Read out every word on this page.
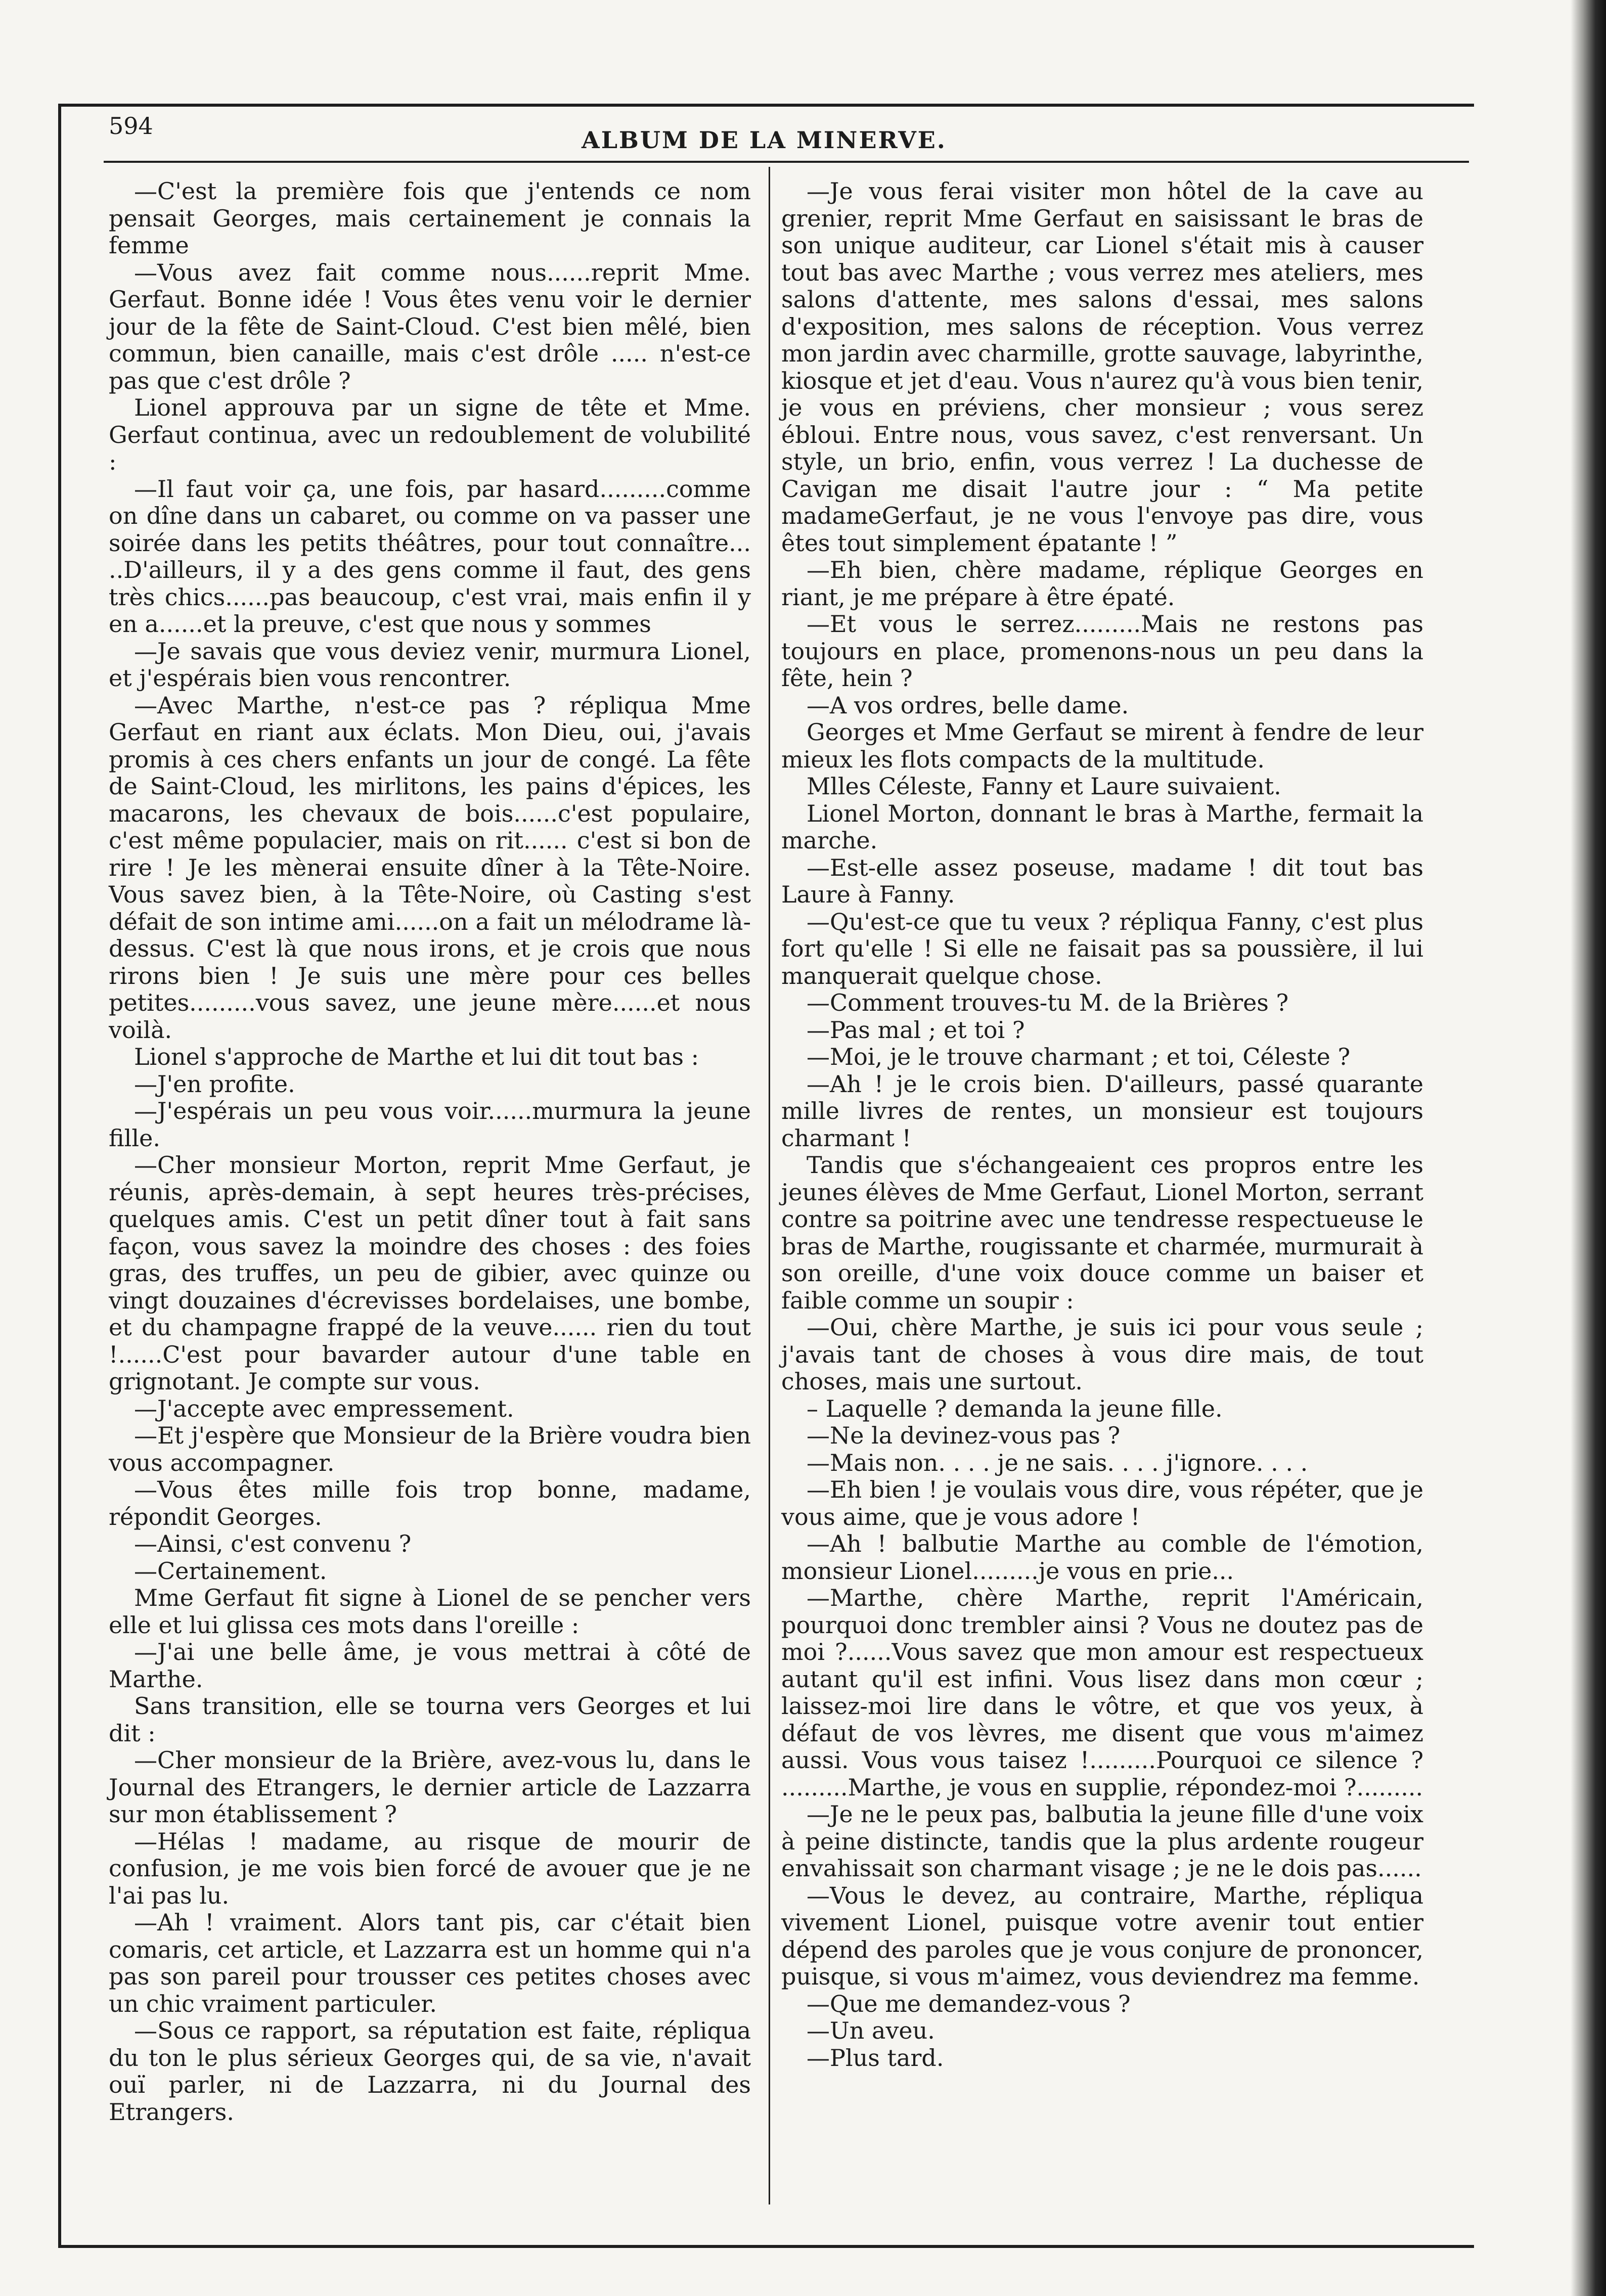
594
ALBUM DE LA MINERVE.

—C'est la première fois que j'entends ce nom pensait Georges, mais certainement je connais la femme

—Vous avez fait comme nous......reprit Mme. Gerfaut. Bonne idée ! Vous êtes venu voir le dernier jour de la fête de Saint-Cloud. C'est bien mêlé, bien commun, bien canaille, mais c'est drôle ..... n'est-ce pas que c'est drôle ?

Lionel approuva par un signe de tête et Mme. Gerfaut continua, avec un redoublement de volubilité :

—Il faut voir ça, une fois, par hasard.........comme on dîne dans un cabaret, ou comme on va passer une soirée dans les petits théâtres, pour tout connaître... ..D'ailleurs, il y a des gens comme il faut, des gens très chics......pas beaucoup, c'est vrai, mais enfin il y en a......et la preuve, c'est que nous y sommes

—Je savais que vous deviez venir, murmura Lionel, et j'espérais bien vous rencontrer.

—Avec Marthe, n'est-ce pas ? répliqua Mme Gerfaut en riant aux éclats. Mon Dieu, oui, j'avais promis à ces chers enfants un jour de congé. La fête de Saint-Cloud, les mirlitons, les pains d'épices, les macarons, les chevaux de bois......c'est populaire, c'est même populacier, mais on rit...... c'est si bon de rire ! Je les mènerai ensuite dîner à la Tête-Noire. Vous savez bien, à la Tête-Noire, où Casting s'est défait de son intime ami......on a fait un mélodrame là-dessus. C'est là que nous irons, et je crois que nous rirons bien ! Je suis une mère pour ces belles petites.........vous savez, une jeune mère......et nous voilà.

Lionel s'approche de Marthe et lui dit tout bas :

—J'en profite.

—J'espérais un peu vous voir......murmura la jeune fille.

—Cher monsieur Morton, reprit Mme Gerfaut, je réunis, après-demain, à sept heures très-précises, quelques amis. C'est un petit dîner tout à fait sans façon, vous savez la moindre des choses : des foies gras, des truffes, un peu de gibier, avec quinze ou vingt douzaines d'écrevisses bordelaises, une bombe, et du champagne frappé de la veuve...... rien du tout !......C'est pour bavarder autour d'une table en grignotant. Je compte sur vous.

—J'accepte avec empressement.

—Et j'espère que Monsieur de la Brière voudra bien vous accompagner.

—Vous êtes mille fois trop bonne, madame, répondit Georges.

—Ainsi, c'est convenu ?

—Certainement.

Mme Gerfaut fit signe à Lionel de se pencher vers elle et lui glissa ces mots dans l'oreille :

—J'ai une belle âme, je vous mettrai à côté de Marthe.

Sans transition, elle se tourna vers Georges et lui dit :

—Cher monsieur de la Brière, avez-vous lu, dans le Journal des Etrangers, le dernier article de Lazzarra sur mon établissement ?

—Hélas ! madame, au risque de mourir de confusion, je me vois bien forcé de avouer que je ne l'ai pas lu.

—Ah ! vraiment. Alors tant pis, car c'était bien comaris, cet article, et Lazzarra est un homme qui n'a pas son pareil pour trousser ces petites choses avec un chic vraiment particuler.

—Sous ce rapport, sa réputation est faite, répliqua du ton le plus sérieux Georges qui, de sa vie, n'avait ouï parler, ni de Lazzarra, ni du Journal des Etrangers.

—Je vous ferai visiter mon hôtel de la cave au grenier, reprit Mme Gerfaut en saisissant le bras de son unique auditeur, car Lionel s'était mis à causer tout bas avec Marthe ; vous verrez mes ateliers, mes salons d'attente, mes salons d'essai, mes salons d'exposition, mes salons de réception. Vous verrez mon jardin avec charmille, grotte sauvage, labyrinthe, kiosque et jet d'eau. Vous n'aurez qu'à vous bien tenir, je vous en préviens, cher monsieur ; vous serez ébloui. Entre nous, vous savez, c'est renversant. Un style, un brio, enfin, vous verrez ! La duchesse de Cavigan me disait l'autre jour : “ Ma petite madameGerfaut, je ne vous l'envoye pas dire, vous êtes tout simplement épatante ! ”

—Eh bien, chère madame, réplique Georges en riant, je me prépare à être épaté.

—Et vous le serrez.........Mais ne restons pas toujours en place, promenons-nous un peu dans la fête, hein ?

—A vos ordres, belle dame.

Georges et Mme Gerfaut se mirent à fendre de leur mieux les flots compacts de la multitude.

Mlles Céleste, Fanny et Laure suivaient.

Lionel Morton, donnant le bras à Marthe, fermait la marche.

—Est-elle assez poseuse, madame ! dit tout bas Laure à Fanny.

—Qu'est-ce que tu veux ? répliqua Fanny, c'est plus fort qu'elle ! Si elle ne faisait pas sa poussière, il lui manquerait quelque chose.

—Comment trouves-tu M. de la Brières ?

—Pas mal ; et toi ?

—Moi, je le trouve charmant ; et toi, Céleste ?

—Ah ! je le crois bien. D'ailleurs, passé quarante mille livres de rentes, un monsieur est toujours charmant !

Tandis que s'échangeaient ces propros entre les jeunes élèves de Mme Gerfaut, Lionel Morton, serrant contre sa poitrine avec une tendresse respectueuse le bras de Marthe, rougissante et charmée, murmurait à son oreille, d'une voix douce comme un baiser et faible comme un soupir :

—Oui, chère Marthe, je suis ici pour vous seule ; j'avais tant de choses à vous dire mais, de tout choses, mais une surtout.

– Laquelle ? demanda la jeune fille.

—Ne la devinez-vous pas ?

—Mais non. . . . je ne sais. . . . j'ignore. . . .

—Eh bien ! je voulais vous dire, vous répéter, que je vous aime, que je vous adore !

—Ah ! balbutie Marthe au comble de l'émotion, monsieur Lionel.........je vous en prie...

—Marthe, chère Marthe, reprit l'Américain, pourquoi donc trembler ainsi ? Vous ne doutez pas de moi ?......Vous savez que mon amour est respectueux autant qu'il est infini. Vous lisez dans mon cœur ; laissez-moi lire dans le vôtre, et que vos yeux, à défaut de vos lèvres, me disent que vous m'aimez aussi. Vous vous taisez !.........Pourquoi ce silence ? .........Marthe, je vous en supplie, répondez-moi ?.........

—Je ne le peux pas, balbutia la jeune fille d'une voix à peine distincte, tandis que la plus ardente rougeur envahissait son charmant visage ; je ne le dois pas......

—Vous le devez, au contraire, Marthe, répliqua vivement Lionel, puisque votre avenir tout entier dépend des paroles que je vous conjure de prononcer, puisque, si vous m'aimez, vous deviendrez ma femme.

—Que me demandez-vous ?

—Un aveu.

—Plus tard.
